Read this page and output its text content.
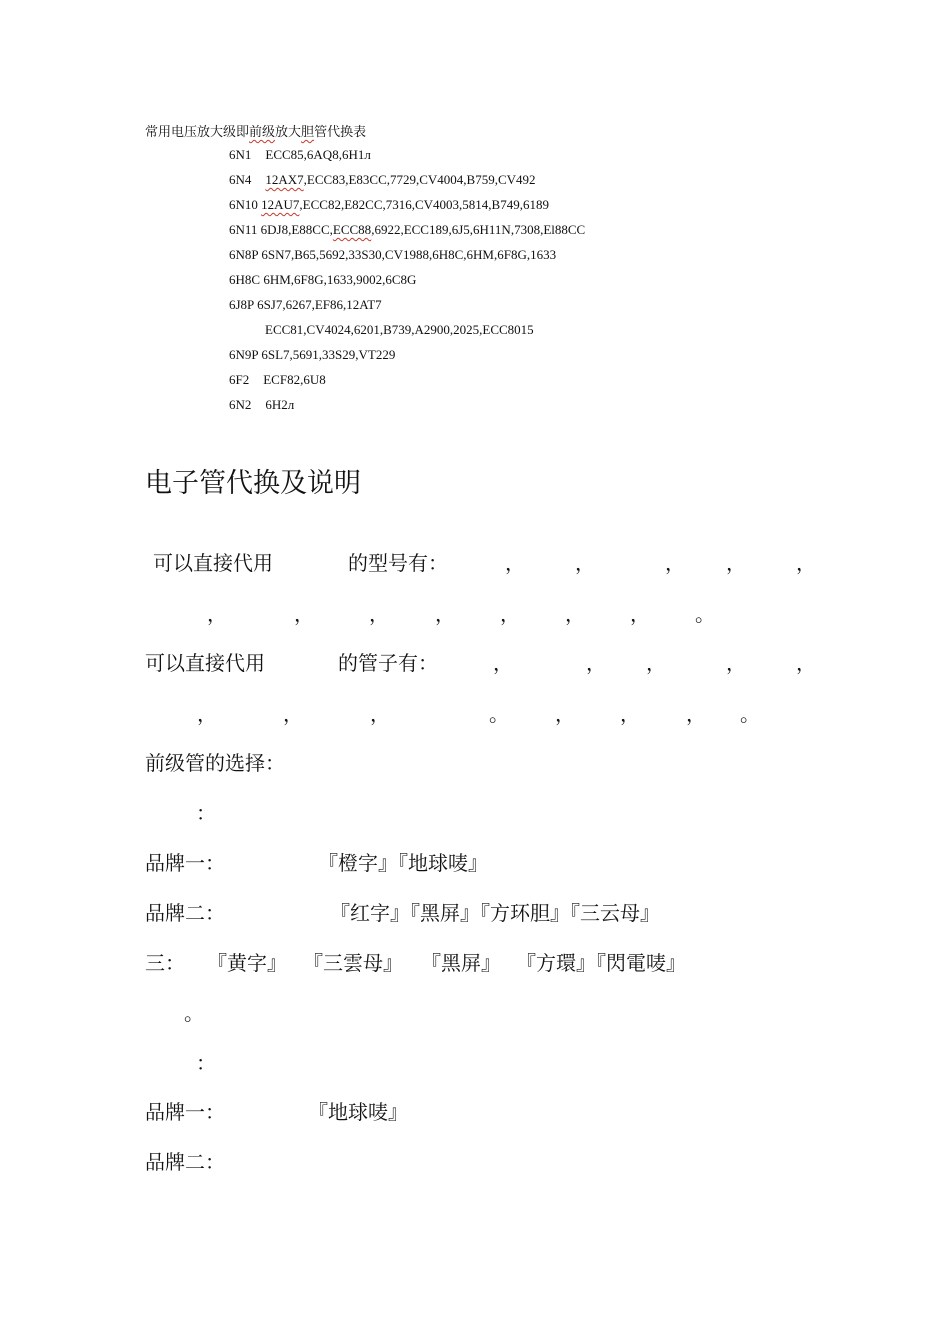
常用电压放大级即前级放大胆管代换表
6N1 ECC85,6AQ8,6H1л
6N4 12AX7,ECC83,E83CC,7729,CV4004,B759,CV492
6N10 12AU7,ECC82,E82CC,7316,CV4003,5814,B749,6189
6N11 6DJ8,E88CC,ECC88,6922,ECC189,6J5,6H11N,7308,El88CC
6N8P 6SN7,B65,5692,33S30,CV1988,6H8C,6HM,6F8G,1633
6H8C 6HM,6F8G,1633,9002,6C8G
6J8P 6SJ7,6267,EF86,12AT7
ECC81,CV4024,6201,B739,A2900,2025,ECC8015
6N9P 6SL7,5691,33S29,VT229
6F2 ECF82,6U8
6N2 6H2л
电子管代换及说明
可以直接代用	的型号有：	，	，	， ，	，
，	，	， ， ， ， ， 。
可以直接代用	的管子有：	，	， ，	，	，
，	，	，	。 ， ， ， 。
前级管的选择：
：
品牌一：	『橙字』『地球唛』
品牌二：	『红字』『黑屏』『方环胆』『三云母』
三： 『黄字』 『三雲母』 『黑屏』 『方環』『閃電唛』
。
：
品牌一：	『地球唛』
品牌二：
